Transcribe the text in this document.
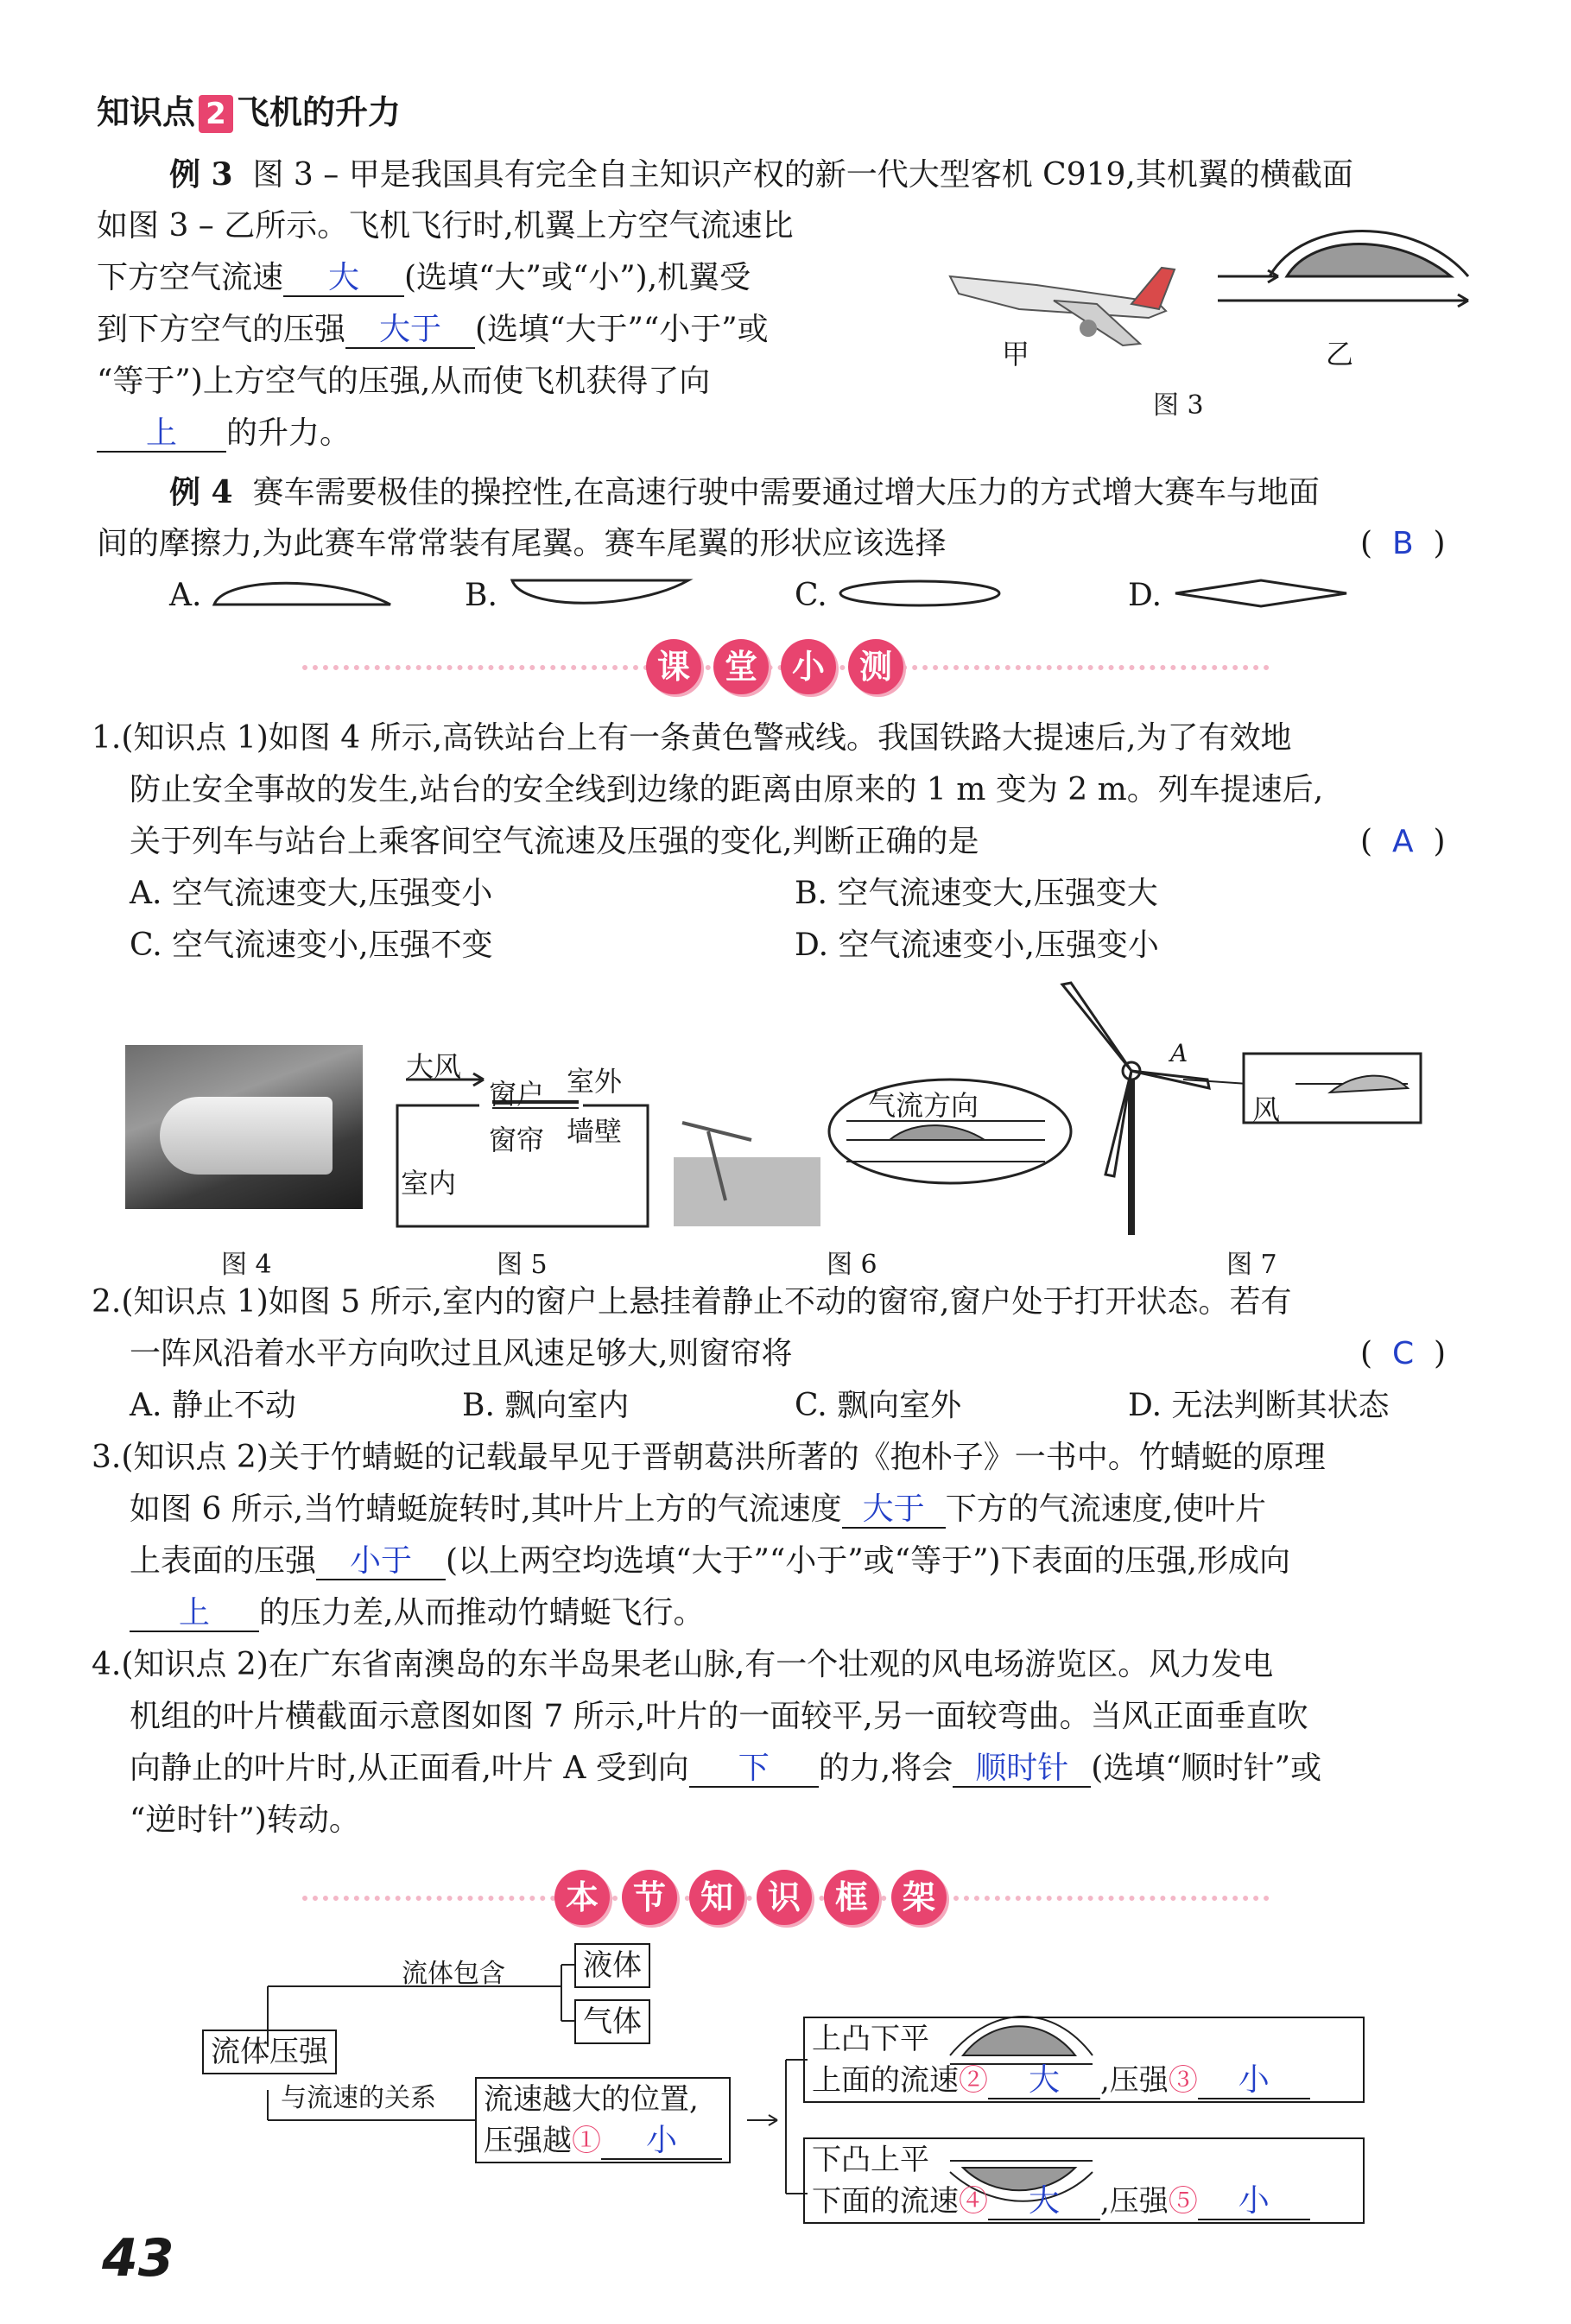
知识点 2 飞机的升力
例 3 图 3 – 甲是我国具有完全自主知识产权的新一代大型客机 C919,其机翼的横截面
如图 3 – 乙所示。飞机飞行时,机翼上方空气流速比
下方空气流速 大 (选填“大”或“小”),机翼受
到下方空气的压强 大于 (选填“大于”“小于”或
“等于”)上方空气的压强,从而使飞机获得了向
上 的升力。
甲	乙
图 3
例 4 赛车需要极佳的操控性,在高速行驶中需要通过增大压力的方式增大赛车与地面
间的摩擦力,为此赛车常常装有尾翼。赛车尾翼的形状应该选择	(  B  )
A.	B.	C.	D.
课	堂	小	测
1.(知识点 1)如图 4 所示,高铁站台上有一条黄色警戒线。我国铁路大提速后,为了有效地
防止安全事故的发生,站台的安全线到边缘的距离由原来的 1 m 变为 2 m。列车提速后,
关于列车与站台上乘客间空气流速及压强的变化,判断正确的是	(  A  )
A. 空气流速变大,压强变小	B. 空气流速变大,压强变大
C. 空气流速变小,压强不变	D. 空气流速变小,压强变小
大风
窗户 室外
窗帘 墙壁
室内
气流方向
A
风
图 4	图 5	图 6	图 7
2.(知识点 1)如图 5 所示,室内的窗户上悬挂着静止不动的窗帘,窗户处于打开状态。若有
一阵风沿着水平方向吹过且风速足够大,则窗帘将	(  C  )
A. 静止不动	B. 飘向室内	C. 飘向室外	D. 无法判断其状态
3.(知识点 2)关于竹蜻蜓的记载最早见于晋朝葛洪所著的《抱朴子》一书中。竹蜻蜓的原理
如图 6 所示,当竹蜻蜓旋转时,其叶片上方的气流速度 大于 下方的气流速度,使叶片
上表面的压强 小于 (以上两空均选填“大于”“小于”或“等于”)下表面的压强,形成向
上 的压力差,从而推动竹蜻蜓飞行。
4.(知识点 2)在广东省南澳岛的东半岛果老山脉,有一个壮观的风电场游览区。风力发电
机组的叶片横截面示意图如图 7 所示,叶片的一面较平,另一面较弯曲。当风正面垂直吹
向静止的叶片时,从正面看,叶片 A 受到向 下 的力,将会 顺时针 (选填“顺时针”或
“逆时针”)转动。
本	节	知	识	框	架
流体压强
流体包含	液体
气体
与流速的关系 流速越大的位置,
压强越① 小
上凸下平
上面的流速② 大 ,压强③ 小
下凸上平
下面的流速④ 大 ,压强⑤ 小
43
